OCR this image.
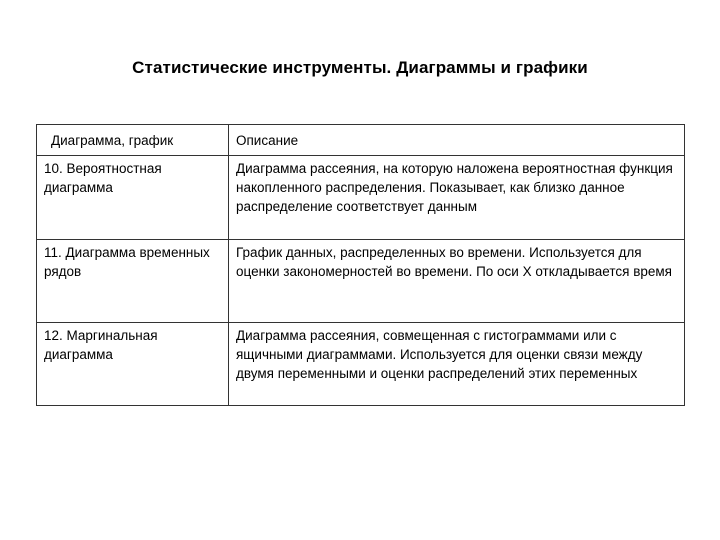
Статистические инструменты. Диаграммы и графики
Диаграмма, график	Описание
10. Вероятностная диаграмма	Диаграмма рассеяния, на которую наложена вероятностная функция накопленного распределения. Показывает, как близко данное распределение соответствует данным
11. Диаграмма временных рядов	График данных, распределенных во времени. Используется для оценки закономерностей во времени. По оси X откладывается время
12. Маргинальная диаграмма	Диаграмма рассеяния, совмещенная с гистограммами или с ящичными диаграммами. Используется для оценки связи между двумя переменными и оценки распределений этих переменных
